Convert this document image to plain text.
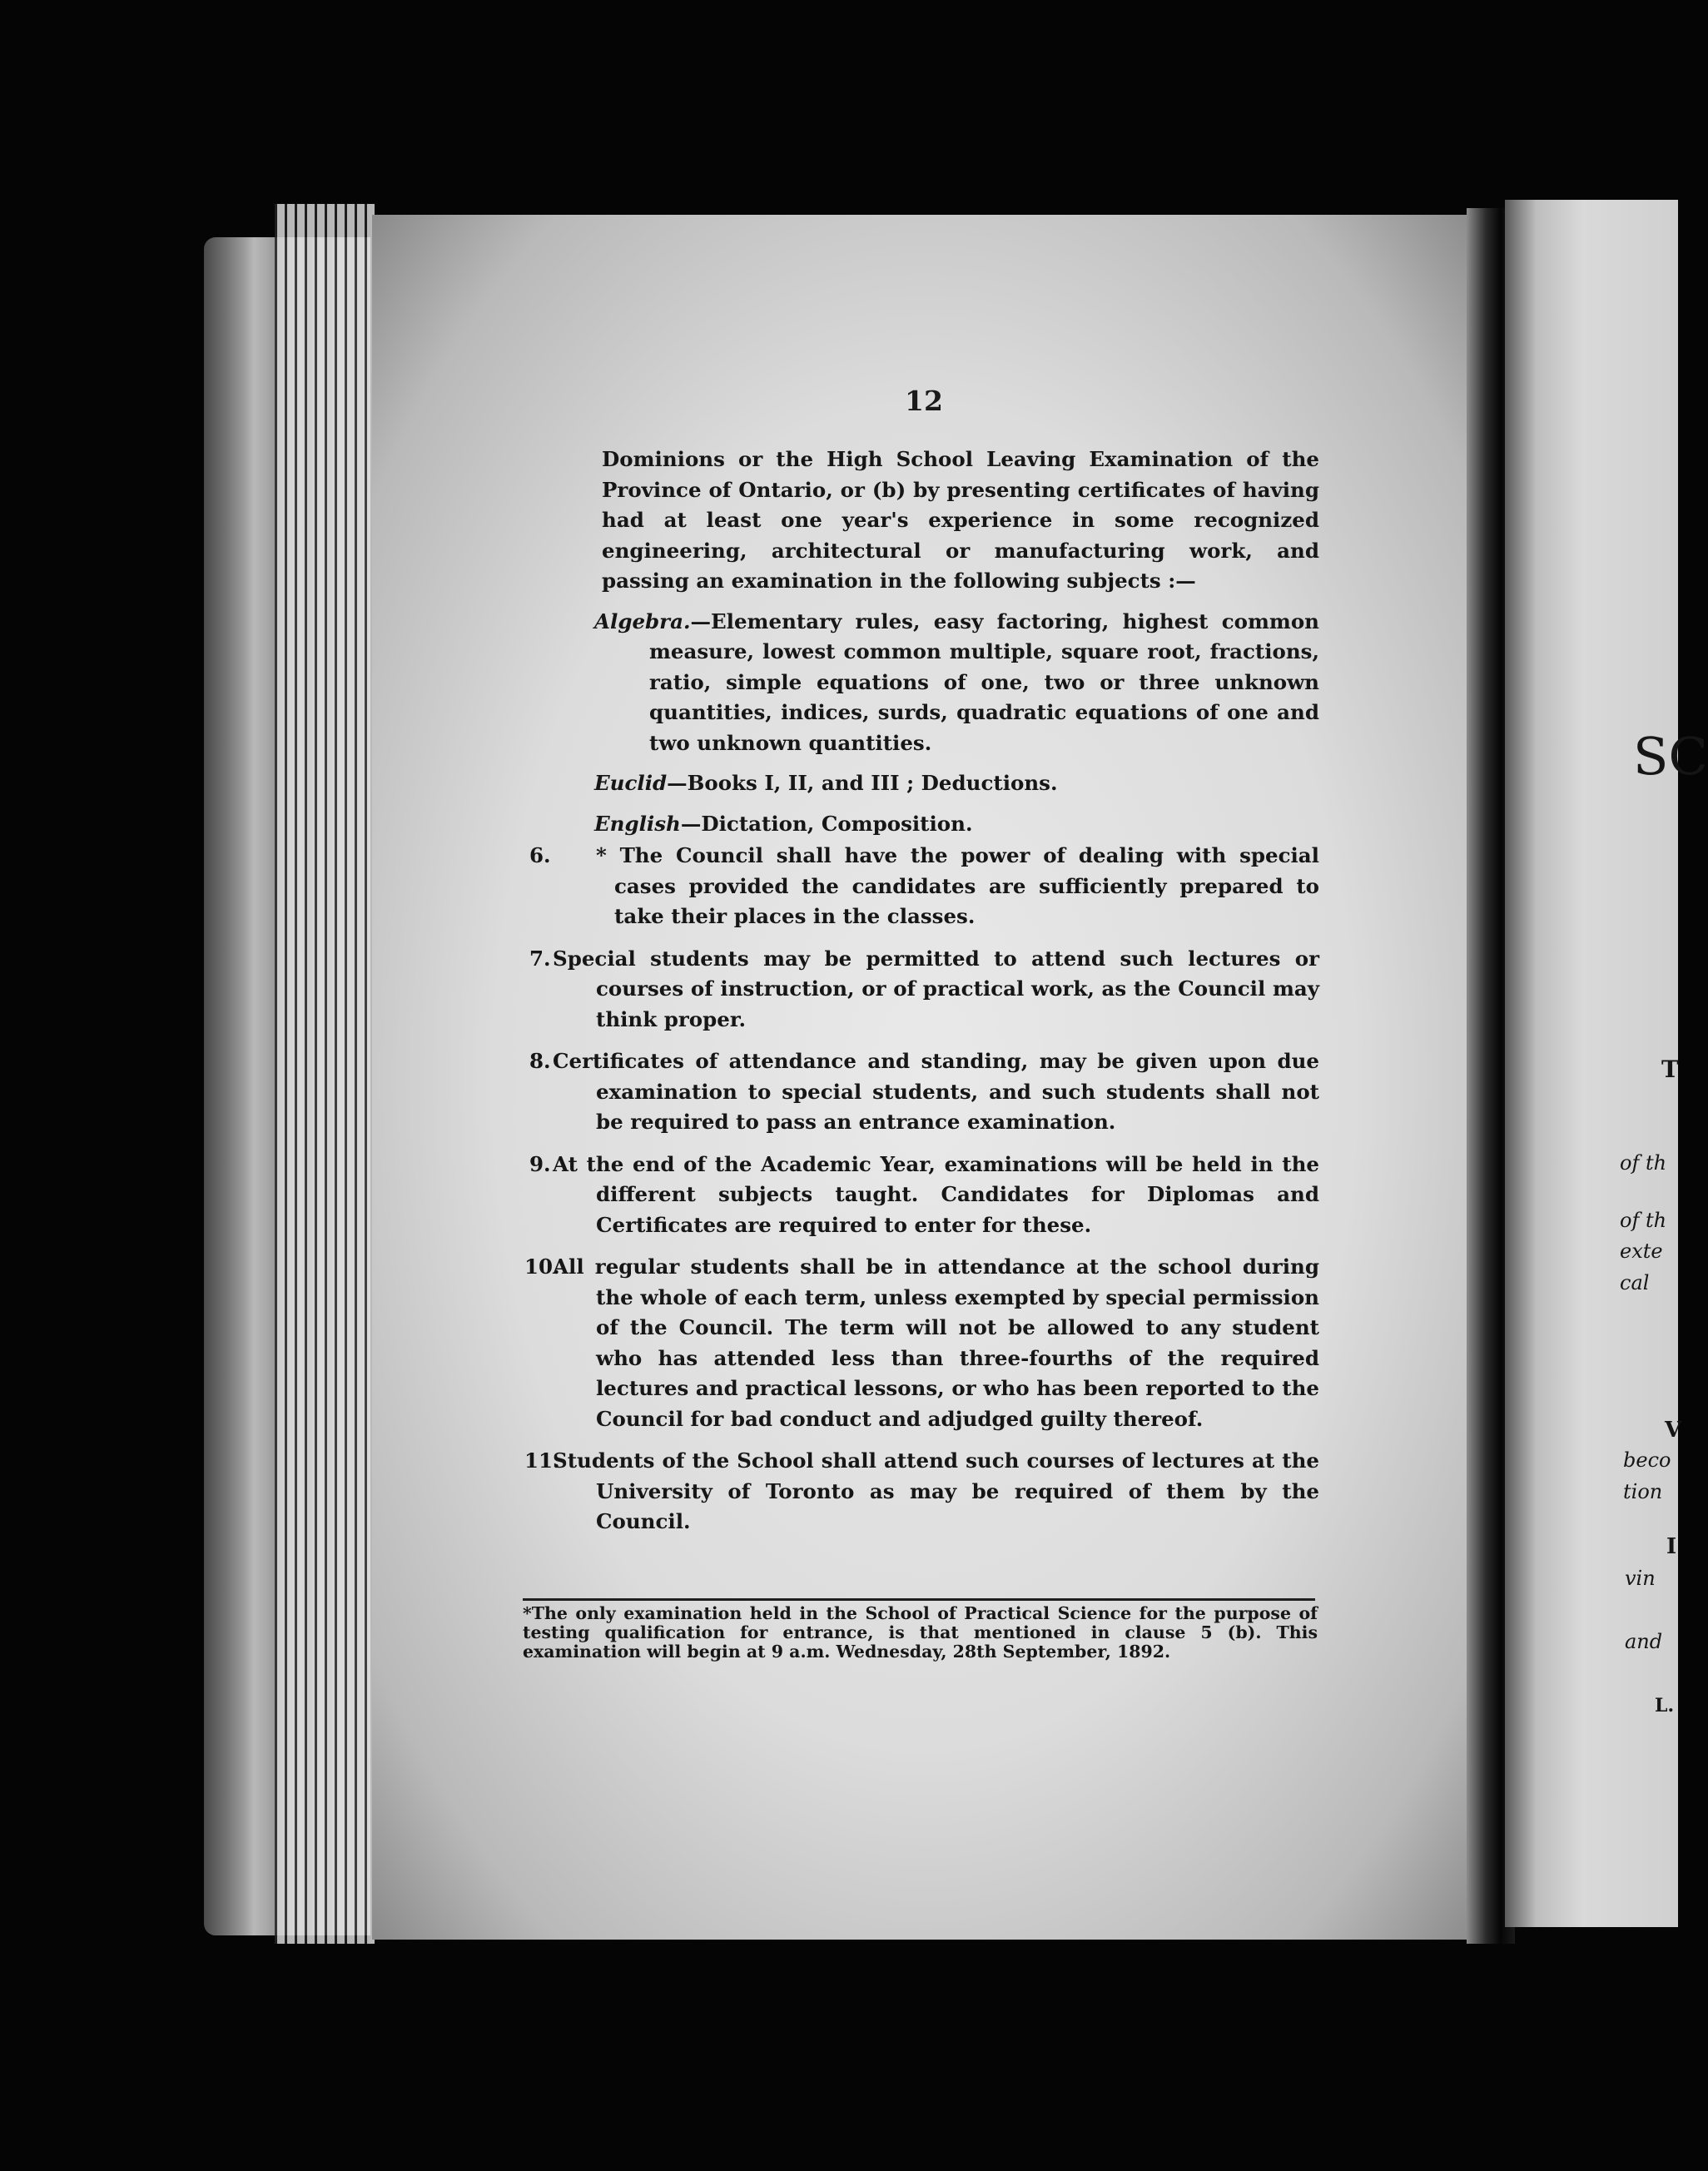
12

Dominions or the High School Leaving Examination of the Province of Ontario, or (b) by presenting certificates of having had at least one year's experience in some recognized engineering, architectural or manufacturing work, and passing an examination in the following subjects :—

Algebra.—Elementary rules, easy factoring, highest common measure, lowest common multiple, square root, fractions, ratio, simple equations of one, two or three unknown quantities, indices, surds, quadratic equations of one and two unknown quantities.

Euclid—Books I, II, and III ; Deductions.

English—Dictation, Composition.

6. * The Council shall have the power of dealing with special cases provided the candidates are sufficiently prepared to take their places in the classes.

7. Special students may be permitted to attend such lectures or courses of instruction, or of practical work, as the Council may think proper.

8. Certificates of attendance and standing, may be given upon due examination to special students, and such students shall not be required to pass an entrance examination.

9. At the end of the Academic Year, examinations will be held in the different subjects taught. Candidates for Diplomas and Certificates are required to enter for these.

10.
All regular students shall be in attendance at the school during the whole of each term, unless exempted by special permission of the Council. The term will not be allowed to any student who has attended less than three-fourths of the required lectures and practical lessons, or who has been reported to the Council for bad conduct and adjudged guilty thereof.

11.
Students of the School shall attend such courses of lectures at the University of Toronto as may be required of them by the Council.

*The only examination held in the School of Practical Science for the purpose of testing qualification for entrance, is that mentioned in clause 5 (b). This examination will begin at 9 a.m. Wednesday, 28th September, 1892.
SC
T
of th
of th
exte
cal
V
beco
tion
I
vin
and
L.
